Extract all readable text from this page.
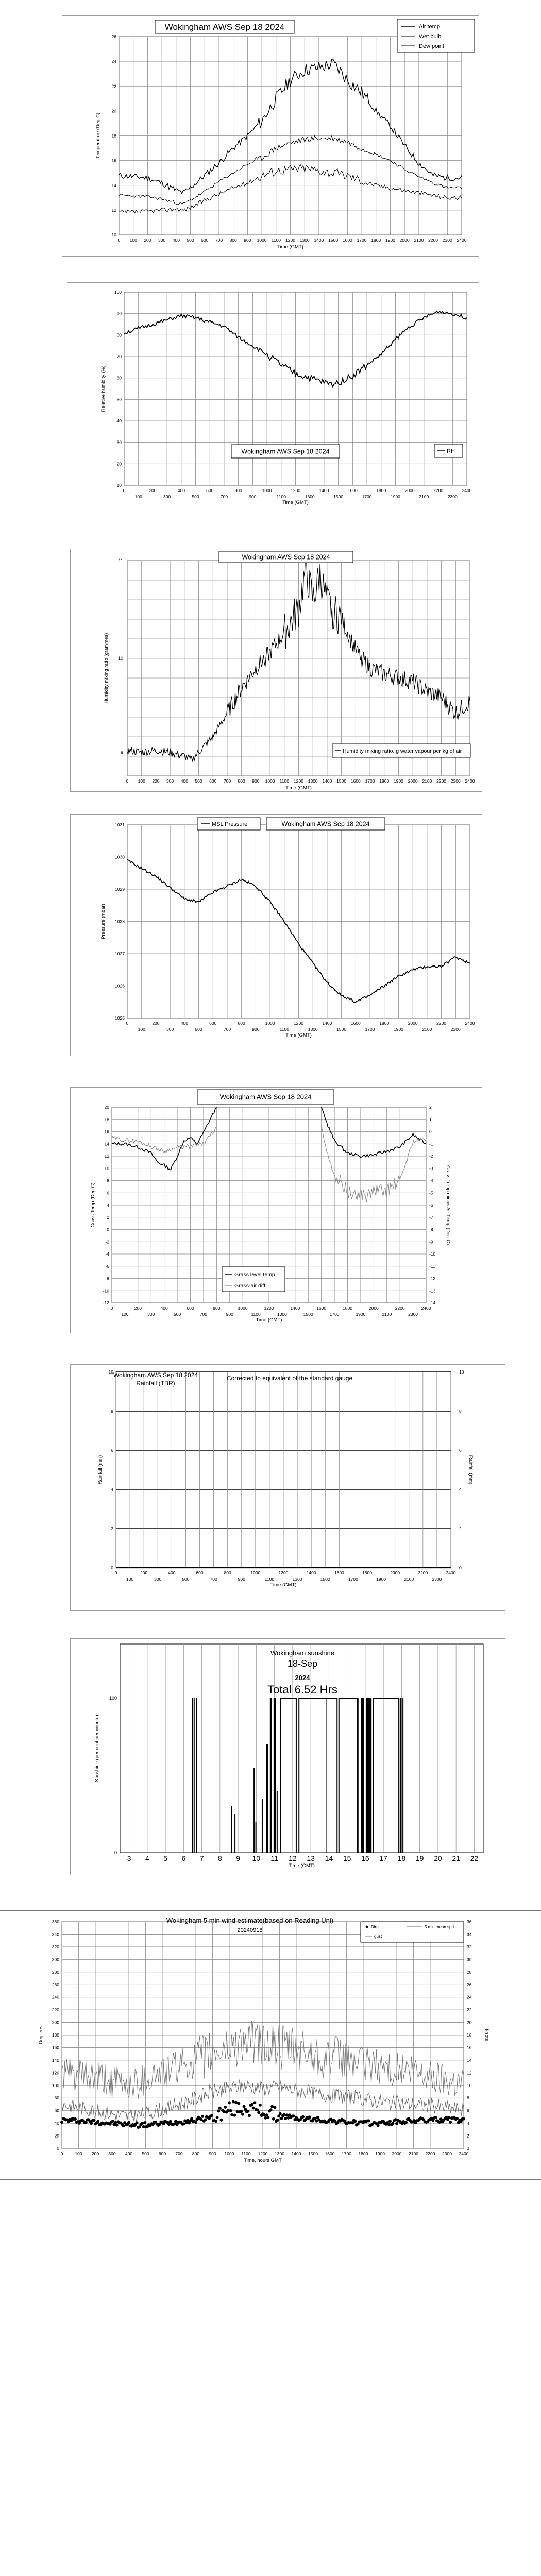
10
12
14
16
18
20
22
24
26
0 100 200 300 400 500 600 700 800 900 1000 1100 1200 1300 1400 1500 1600 1700 1800 1900 2000 2100 2200 2300 2400
Time (GMT)
Temperature (Deg C)
Wokingham AWS Sep 18 2024	Air temp
Wet bulb
Dew point
10
20
30
40
50
60
70
80
90
100
0	200	400	600	800	1000	1200	1400	1600	1800	2000	2200	2400
100	300	500	700	900	1100	1300	1500	1700	1900	2100	2300
Time (GMT)
Relative humidity (%)
Wokingham AWS Sep 18 2024	RH
0 100 200 300 400 500 600 700 800 900 1000 1100 1200 1300 1400 1500 1600 1700 1800 1900 2000 2100 2200 2300 2400
Time (GMT)
Humidity mixing ratio (grammes)
11
10
9
Wokingham AWS Sep 18 2024
Humidity mixing ratio, g water vapour per kg of air
1025
1026
1027
1028
1029
1030
1031
0	200	400	600	800	1000	1200	1400	1600	1800	2000	2200	2400
100	300	500	700	900	1100	1300	1500	1700	1900	2100	2300
Time (GMT)
Pressure (mbar)
MSL Pressure	Wokingham AWS Sep 18 2024
-12
-10
-8
-6
-4
-2
0
2
4
6
8
10
12
14
16
18
20
-14
-13
-12
-11
-10
-9
-8
-7
-6
-5
-4
-3
-2
-1
0
1
2
0	200	400	600	800	1000	1200	1400	1600	1800	2000	2200	2400
100	300	500	700	900	1100	1300	1500	1700	1900	2100	2300
Time (GMT)
Grass Temp (Deg C)	Grass Temp minus Air Temp (Deg C)
Wokingham AWS Sep 18 2024
Grass level temp
Grass-air diff
0
2
4
6
8
10
0	200	400	600	800	1000	1200	1400	1600	1800	2000	2200	2400
100	300	500	700	900	1100	1300	1500	1700	1900	2100	2300
Time (GMT)
Rainfall (mm)	Rainfall (mm)
0
2
4
6
8
10
Wokingham AWS Sep 18 2024
Rainfall (TBR)
Corrected to equivalent of the standard gauge
3 4 5 6 7 8 9 10 11 12 13 14 15 16 17 18 19 20 21 22
0
100
Time (GMT)
Sunshine (per cent per minute)
Wokingham sunshine
18-Sep
2024
Total 6.52 Hrs
0
20
40
60
80
100
120
140
160
180
200
220
240
260
280
300
320
340
360
0
2
4
6
8
10
12
14
16
18
20
22
24
26
28
30
32
34
36
0	100 200 300 400 500 600 700 800 900 1000 1100 1200 1300 1400 1500 1600 1700 1800 1900 2000 2100 2200 2300 2400
Time, hours GMT
Degrees	knots
Wokingham 5 min wind estimate(based on Reading Uni)
20240918
Dirn	5 min mean spd
gust
